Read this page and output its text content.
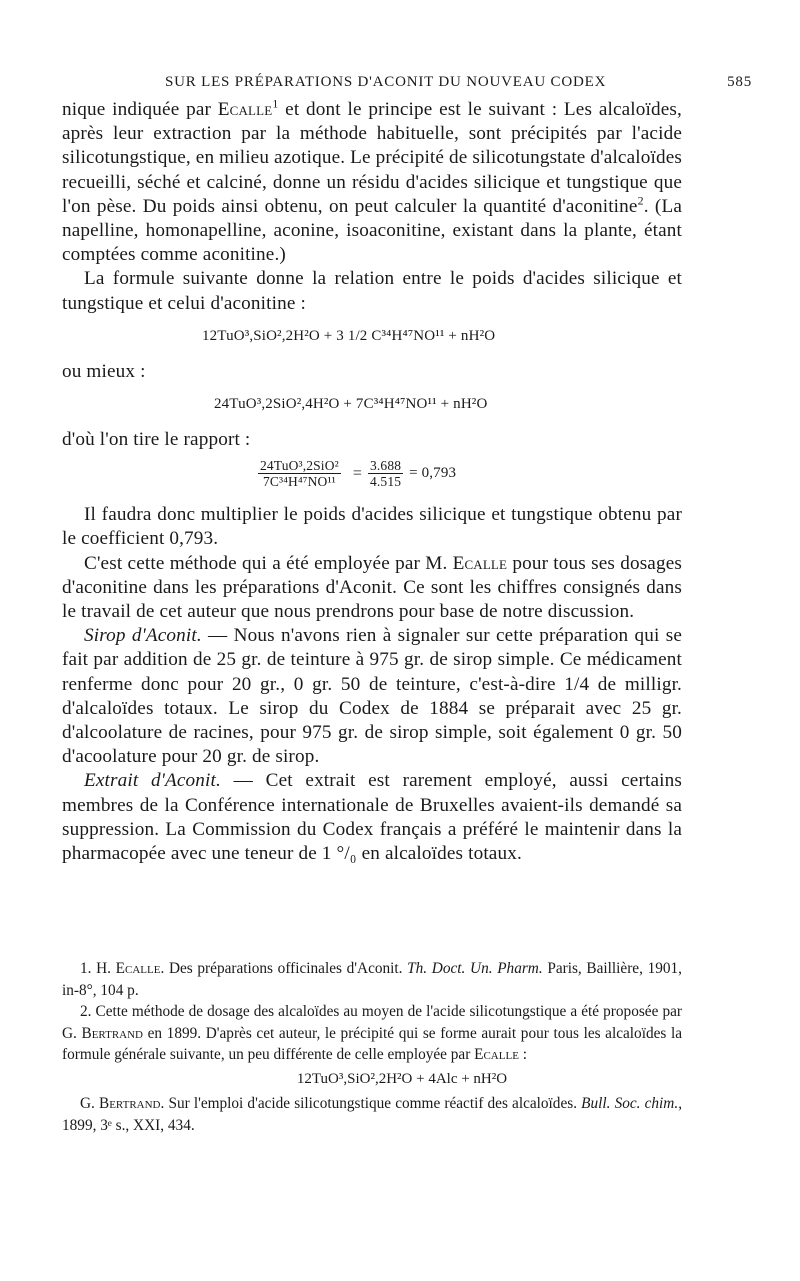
SUR LES PRÉPARATIONS D'ACONIT DU NOUVEAU CODEX	585

nique indiquée par Ecalle$^1$ et dont le principe est le suivant : Les alcaloïdes, après leur extraction par la méthode habituelle, sont précipités par l'acide silicotungstique, en milieu azotique. Le précipité de silicotungstate d'alcaloïdes recueilli, séché et calciné, donne un résidu d'acides silicique et tungstique que l'on pèse. Du poids ainsi obtenu, on peut calculer la quantité d'aconitine$^2$. (La napelline, homonapelline, aconine, isoaconitine, existant dans la plante, étant comptées comme aconitine.)

La formule suivante donne la relation entre le poids d'acides silicique et tungstique et celui d'aconitine :

12TuO³,SiO²,2H²O + 3 1/2 C³⁴H⁴⁷NO¹¹ + nH²O

ou mieux :

24TuO³,2SiO²,4H²O + 7C³⁴H⁴⁷NO¹¹ + nH²O

d'où l'on tire le rapport :

$\frac{\text{24TuO³,2SiO²}}{\text{7C³⁴H⁴⁷NO¹¹}} = \frac{3.688}{4.515} = 0,793$

Il faudra donc multiplier le poids d'acides silicique et tungstique obtenu par le coefficient 0,793.

C'est cette méthode qui a été employée par M. Ecalle pour tous ses dosages d'aconitine dans les préparations d'Aconit. Ce sont les chiffres consignés dans le travail de cet auteur que nous prendrons pour base de notre discussion.

Sirop d'Aconit. — Nous n'avons rien à signaler sur cette préparation qui se fait par addition de 25 gr. de teinture à 975 gr. de sirop simple. Ce médicament renferme donc pour 20 gr., 0 gr. 50 de teinture, c'est-à-dire 1/4 de milligr. d'alcaloïdes totaux. Le sirop du Codex de 1884 se préparait avec 25 gr. d'alcoolature de racines, pour 975 gr. de sirop simple, soit également 0 gr. 50 d'acoolature pour 20 gr. de sirop.

Extrait d'Aconit. — Cet extrait est rarement employé, aussi certains membres de la Conférence internationale de Bruxelles avaient-ils demandé sa suppression. La Commission du Codex français a préféré le maintenir dans la pharmacopée avec une teneur de 1 °/₀ en alcaloïdes totaux.

1. H. Ecalle. Des préparations officinales d'Aconit. Th. Doct. Un. Pharm. Paris, Baillière, 1901, in-8°, 104 p.

2. Cette méthode de dosage des alcaloïdes au moyen de l'acide silicotungstique a été proposée par G. Bertrand en 1899. D'après cet auteur, le précipité qui se forme aurait pour tous les alcaloïdes la formule générale suivante, un peu différente de celle employée par Ecalle :

12TuO³,SiO²,2H²O + 4Alc + nH²O

G. Bertrand. Sur l'emploi d'acide silicotungstique comme réactif des alcaloïdes. Bull. Soc. chim., 1899, 3ᵉ s., XXI, 434.
